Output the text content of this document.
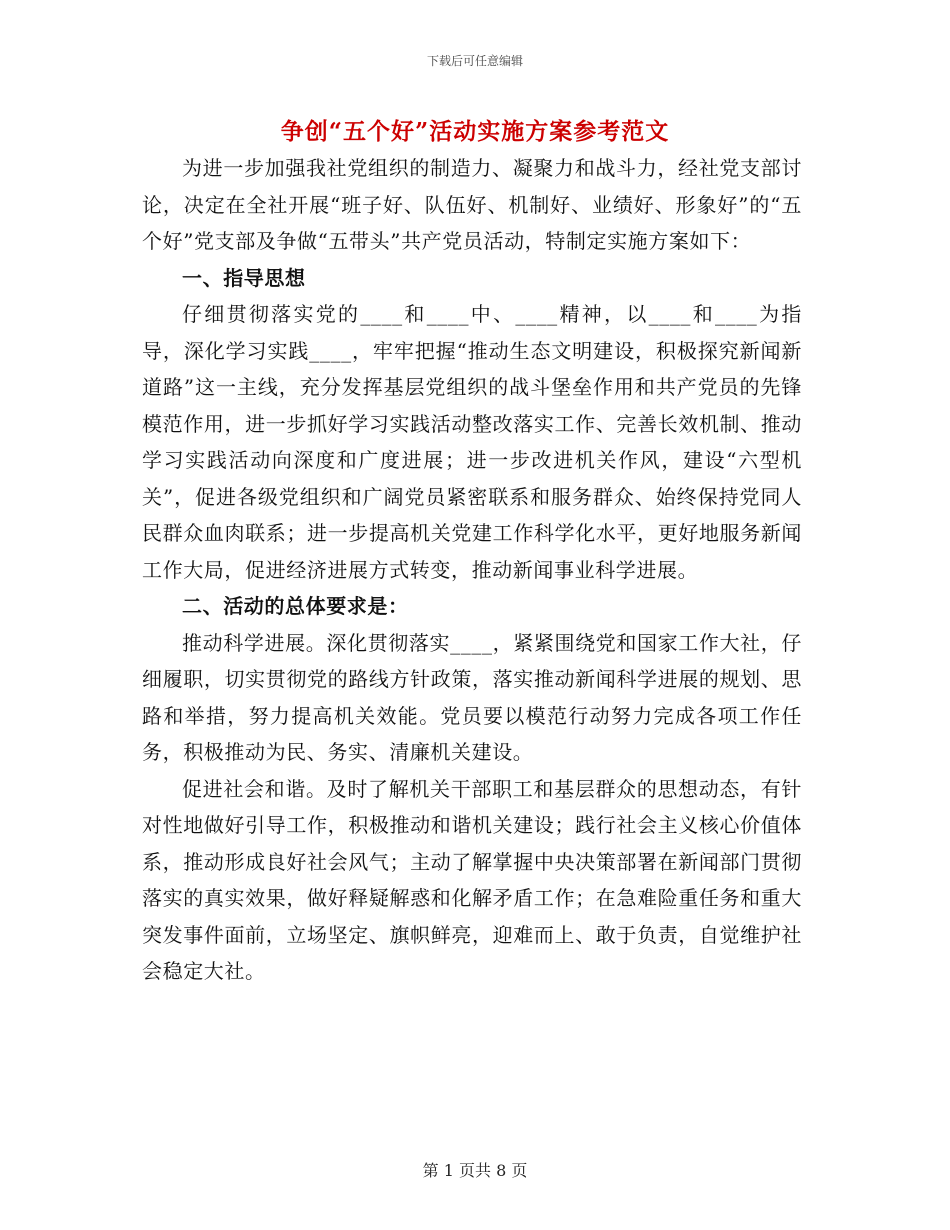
下载后可任意编辑
争创“五个好”活动实施方案参考范文

为进一步加强我社党组织的制造力、凝聚力和战斗力，经社党支部讨论，决定在全社开展“班子好、队伍好、机制好、业绩好、形象好”的“五个好”党支部及争做“五带头”共产党员活动，特制定实施方案如下：

一、指导思想

仔细贯彻落实党的____和____中、____精神，以____和____为指导，深化学习实践____，牢牢把握“推动生态文明建设，积极探究新闻新道路”这一主线，充分发挥基层党组织的战斗堡垒作用和共产党员的先锋模范作用，进一步抓好学习实践活动整改落实工作、完善长效机制、推动学习实践活动向深度和广度进展；进一步改进机关作风，建设“六型机关”，促进各级党组织和广阔党员紧密联系和服务群众、始终保持党同人民群众血肉联系；进一步提高机关党建工作科学化水平，更好地服务新闻工作大局，促进经济进展方式转变，推动新闻事业科学进展。

二、活动的总体要求是：

推动科学进展。深化贯彻落实____，紧紧围绕党和国家工作大社，仔细履职，切实贯彻党的路线方针政策，落实推动新闻科学进展的规划、思路和举措，努力提高机关效能。党员要以模范行动努力完成各项工作任务，积极推动为民、务实、清廉机关建设。

促进社会和谐。及时了解机关干部职工和基层群众的思想动态，有针对性地做好引导工作，积极推动和谐机关建设；践行社会主义核心价值体系，推动形成良好社会风气；主动了解掌握中央决策部署在新闻部门贯彻落实的真实效果，做好释疑解惑和化解矛盾工作；在急难险重任务和重大突发事件面前，立场坚定、旗帜鲜亮，迎难而上、敢于负责，自觉维护社会稳定大社。

第 1 页共 8 页
